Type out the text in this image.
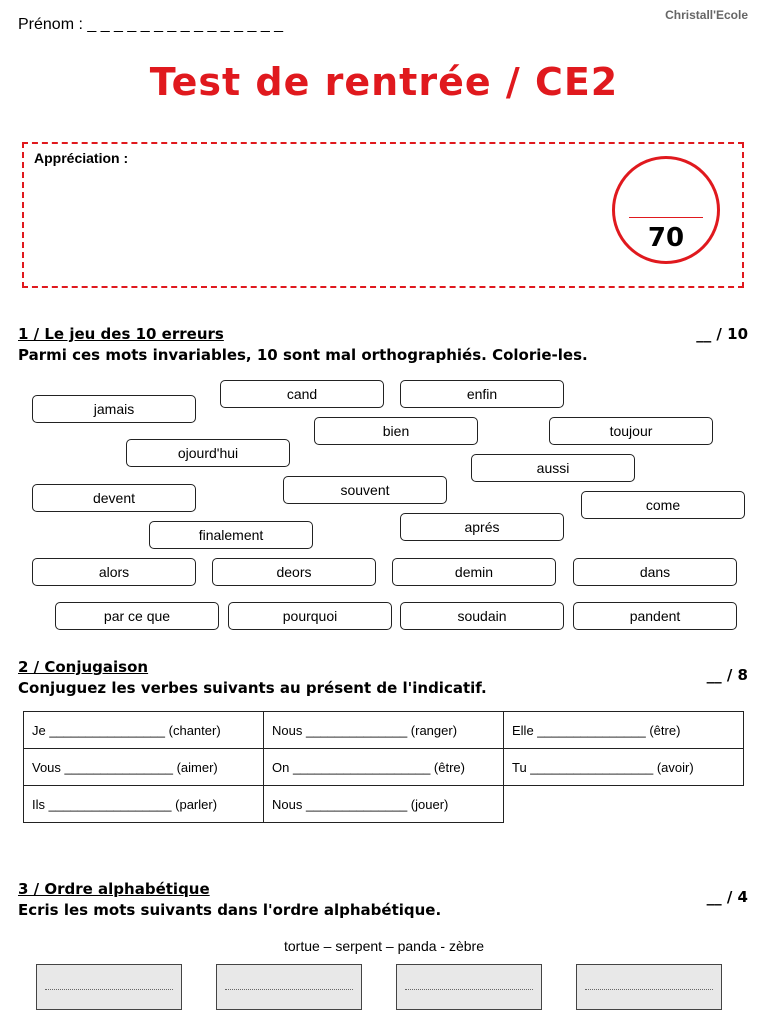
Prénom : _ _ _ _ _ _ _ _ _ _ _ _ _ _ _
Christall'Ecole
Test de rentrée / CE2
Appréciation :
70
1 / Le jeu des 10 erreurs	__ / 10
Parmi ces mots invariables, 10 sont mal orthographiés. Colorie-les.
cand	enfin
jamais
bien	toujour
ojourd'hui
aussi
devent	souvent
come
finalement	aprés
alors	deors	demin	dans
par ce que	pourquoi	soudain	pandent
2 / Conjugaison	__ / 8
Conjuguez les verbes suivants au présent de l'indicatif.
Je ________________ (chanter)	Nous ______________ (ranger)	Elle _______________ (être)
Vous _______________ (aimer)	On ___________________ (être)	Tu _________________ (avoir)
Ils _________________ (parler)	Nous ______________ (jouer)	
3 / Ordre alphabétique	__ / 4
Ecris les mots suivants dans l'ordre alphabétique.
tortue – serpent – panda - zèbre
